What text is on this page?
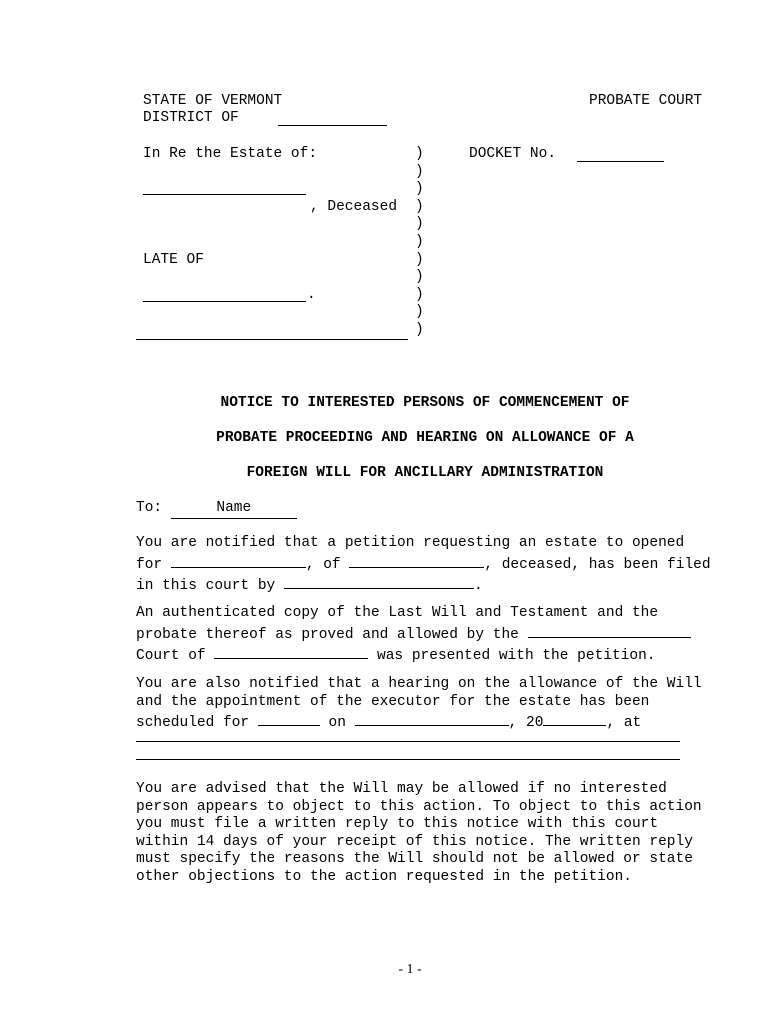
STATE OF VERMONT	PROBATE COURT
DISTRICT OF
In Re the Estate of:	DOCKET No.
, Deceased
LATE OF
.
)
)
)
)
)
)
)
)
)
)
)
NOTICE TO INTERESTED PERSONS OF COMMENCEMENT OF
PROBATE PROCEEDING AND HEARING ON ALLOWANCE OF A
FOREIGN WILL FOR ANCILLARY ADMINISTRATION
To:	Name
You are notified that a petition requesting an estate to opened
for	, of	, deceased, has been filed
in this court by	.
An authenticated copy of the Last Will and Testament and the
probate thereof as proved and allowed by the
Court of	was presented with the petition.
You are also notified that a hearing on the allowance of the Will
and the appointment of the executor for the estate has been
scheduled for	on	, 20	, at
You are advised that the Will may be allowed if no interested
person appears to object to this action. To object to this action
you must file a written reply to this notice with this court
within 14 days of your receipt of this notice. The written reply
must specify the reasons the Will should not be allowed or state
other objections to the action requested in the petition.
- 1 -
